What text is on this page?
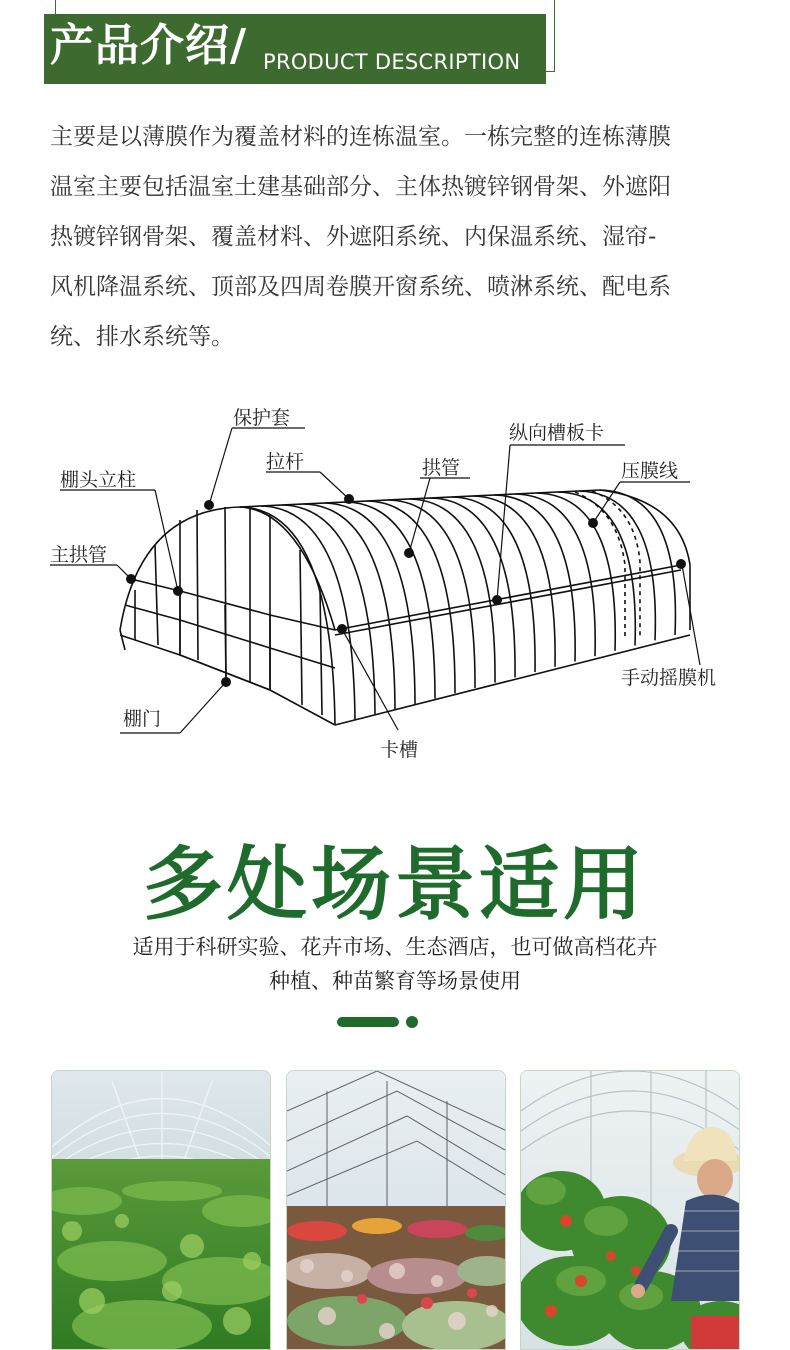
产品介绍/ PRODUCT DESCRIPTION

主要是以薄膜作为覆盖材料的连栋温室。一栋完整的连栋薄膜

温室主要包括温室土建基础部分、主体热镀锌钢骨架、外遮阳

热镀锌钢骨架、覆盖材料、外遮阳系统、内保温系统、湿帘-

风机降温系统、顶部及四周卷膜开窗系统、喷淋系统、配电系

统、排水系统等。

保护套
拉杆	拱管
纵向槽板卡
压膜线
棚头立柱
主拱管
棚门
卡槽
手动摇膜机
多处场景适用
适用于科研实验、花卉市场、生态酒店，也可做高档花卉
种植、种苗繁育等场景使用
